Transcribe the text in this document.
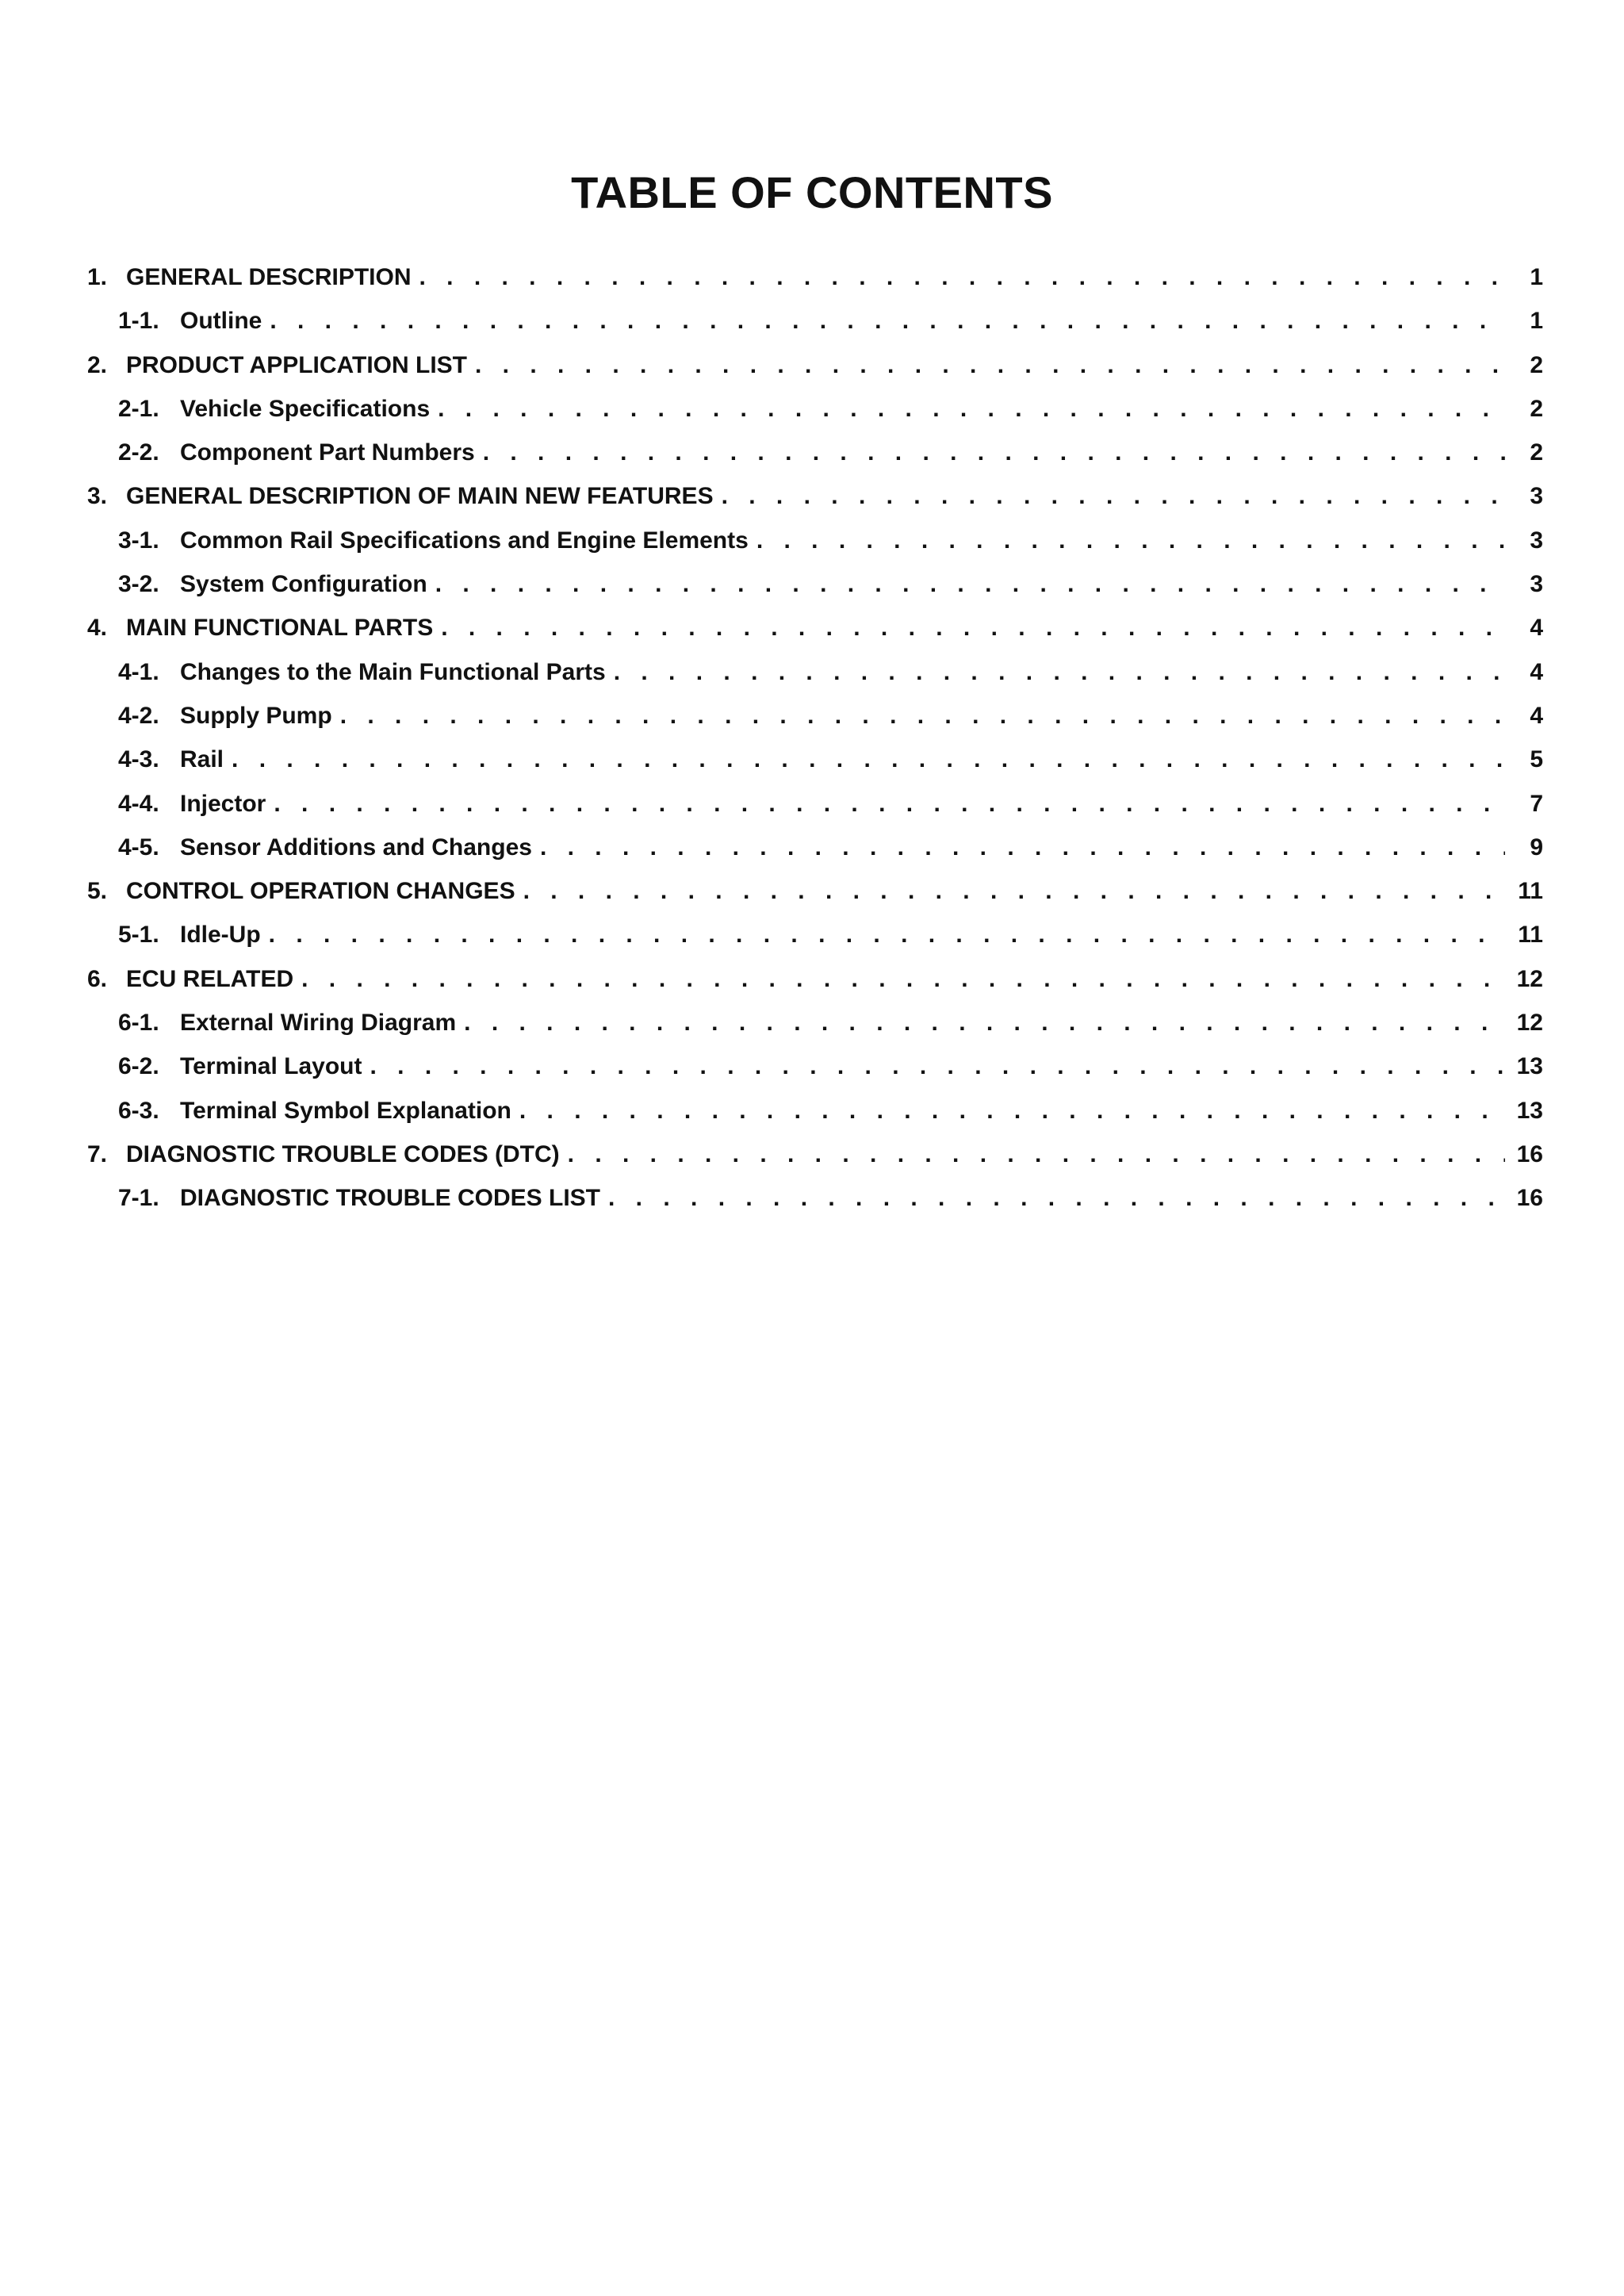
TABLE OF CONTENTS
1. GENERAL DESCRIPTION . . .	1
1-1. Outline . . .	1
2. PRODUCT APPLICATION LIST . . .	2
2-1. Vehicle Specifications . . .	2
2-2. Component Part Numbers . . .	2
3. GENERAL DESCRIPTION OF MAIN NEW FEATURES . . .	3
3-1. Common Rail Specifications and Engine Elements . . .	3
3-2. System Configuration . . .	3
4. MAIN FUNCTIONAL PARTS . . .	4
4-1. Changes to the Main Functional Parts . . .	4
4-2. Supply Pump . . .	4
4-3. Rail . . .	5
4-4. Injector . . .	7
4-5. Sensor Additions and Changes . . .	9
5. CONTROL OPERATION CHANGES . . .	11
5-1. Idle-Up . . .	11
6. ECU RELATED . . .	12
6-1. External Wiring Diagram . . .	12
6-2. Terminal Layout . . .	13
6-3. Terminal Symbol Explanation . . .	13
7. DIAGNOSTIC TROUBLE CODES (DTC) . . .	16
7-1. DIAGNOSTIC TROUBLE CODES LIST . . .	16
